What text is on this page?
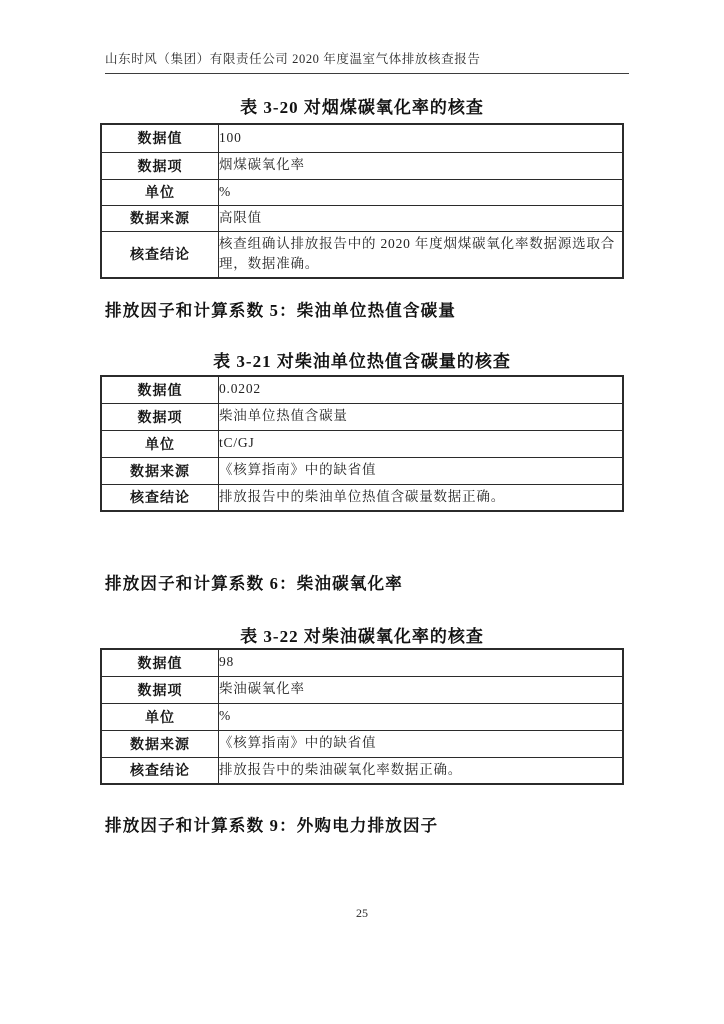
山东时风（集团）有限责任公司 2020 年度温室气体排放核查报告
表 3-20 对烟煤碳氧化率的核查
数据值	100
数据项	烟煤碳氧化率
单位	%
数据来源	高限值
核查结论	核查组确认排放报告中的 2020 年度烟煤碳氧化率数据源选取合理，数据准确。
排放因子和计算系数 5：柴油单位热值含碳量
表 3-21 对柴油单位热值含碳量的核查
数据值	0.0202
数据项	柴油单位热值含碳量
单位	tC/GJ
数据来源	《核算指南》中的缺省值
核查结论	排放报告中的柴油单位热值含碳量数据正确。
排放因子和计算系数 6：柴油碳氧化率
表 3-22 对柴油碳氧化率的核查
数据值	98
数据项	柴油碳氧化率
单位	%
数据来源	《核算指南》中的缺省值
核查结论	排放报告中的柴油碳氧化率数据正确。
排放因子和计算系数 9：外购电力排放因子
25
